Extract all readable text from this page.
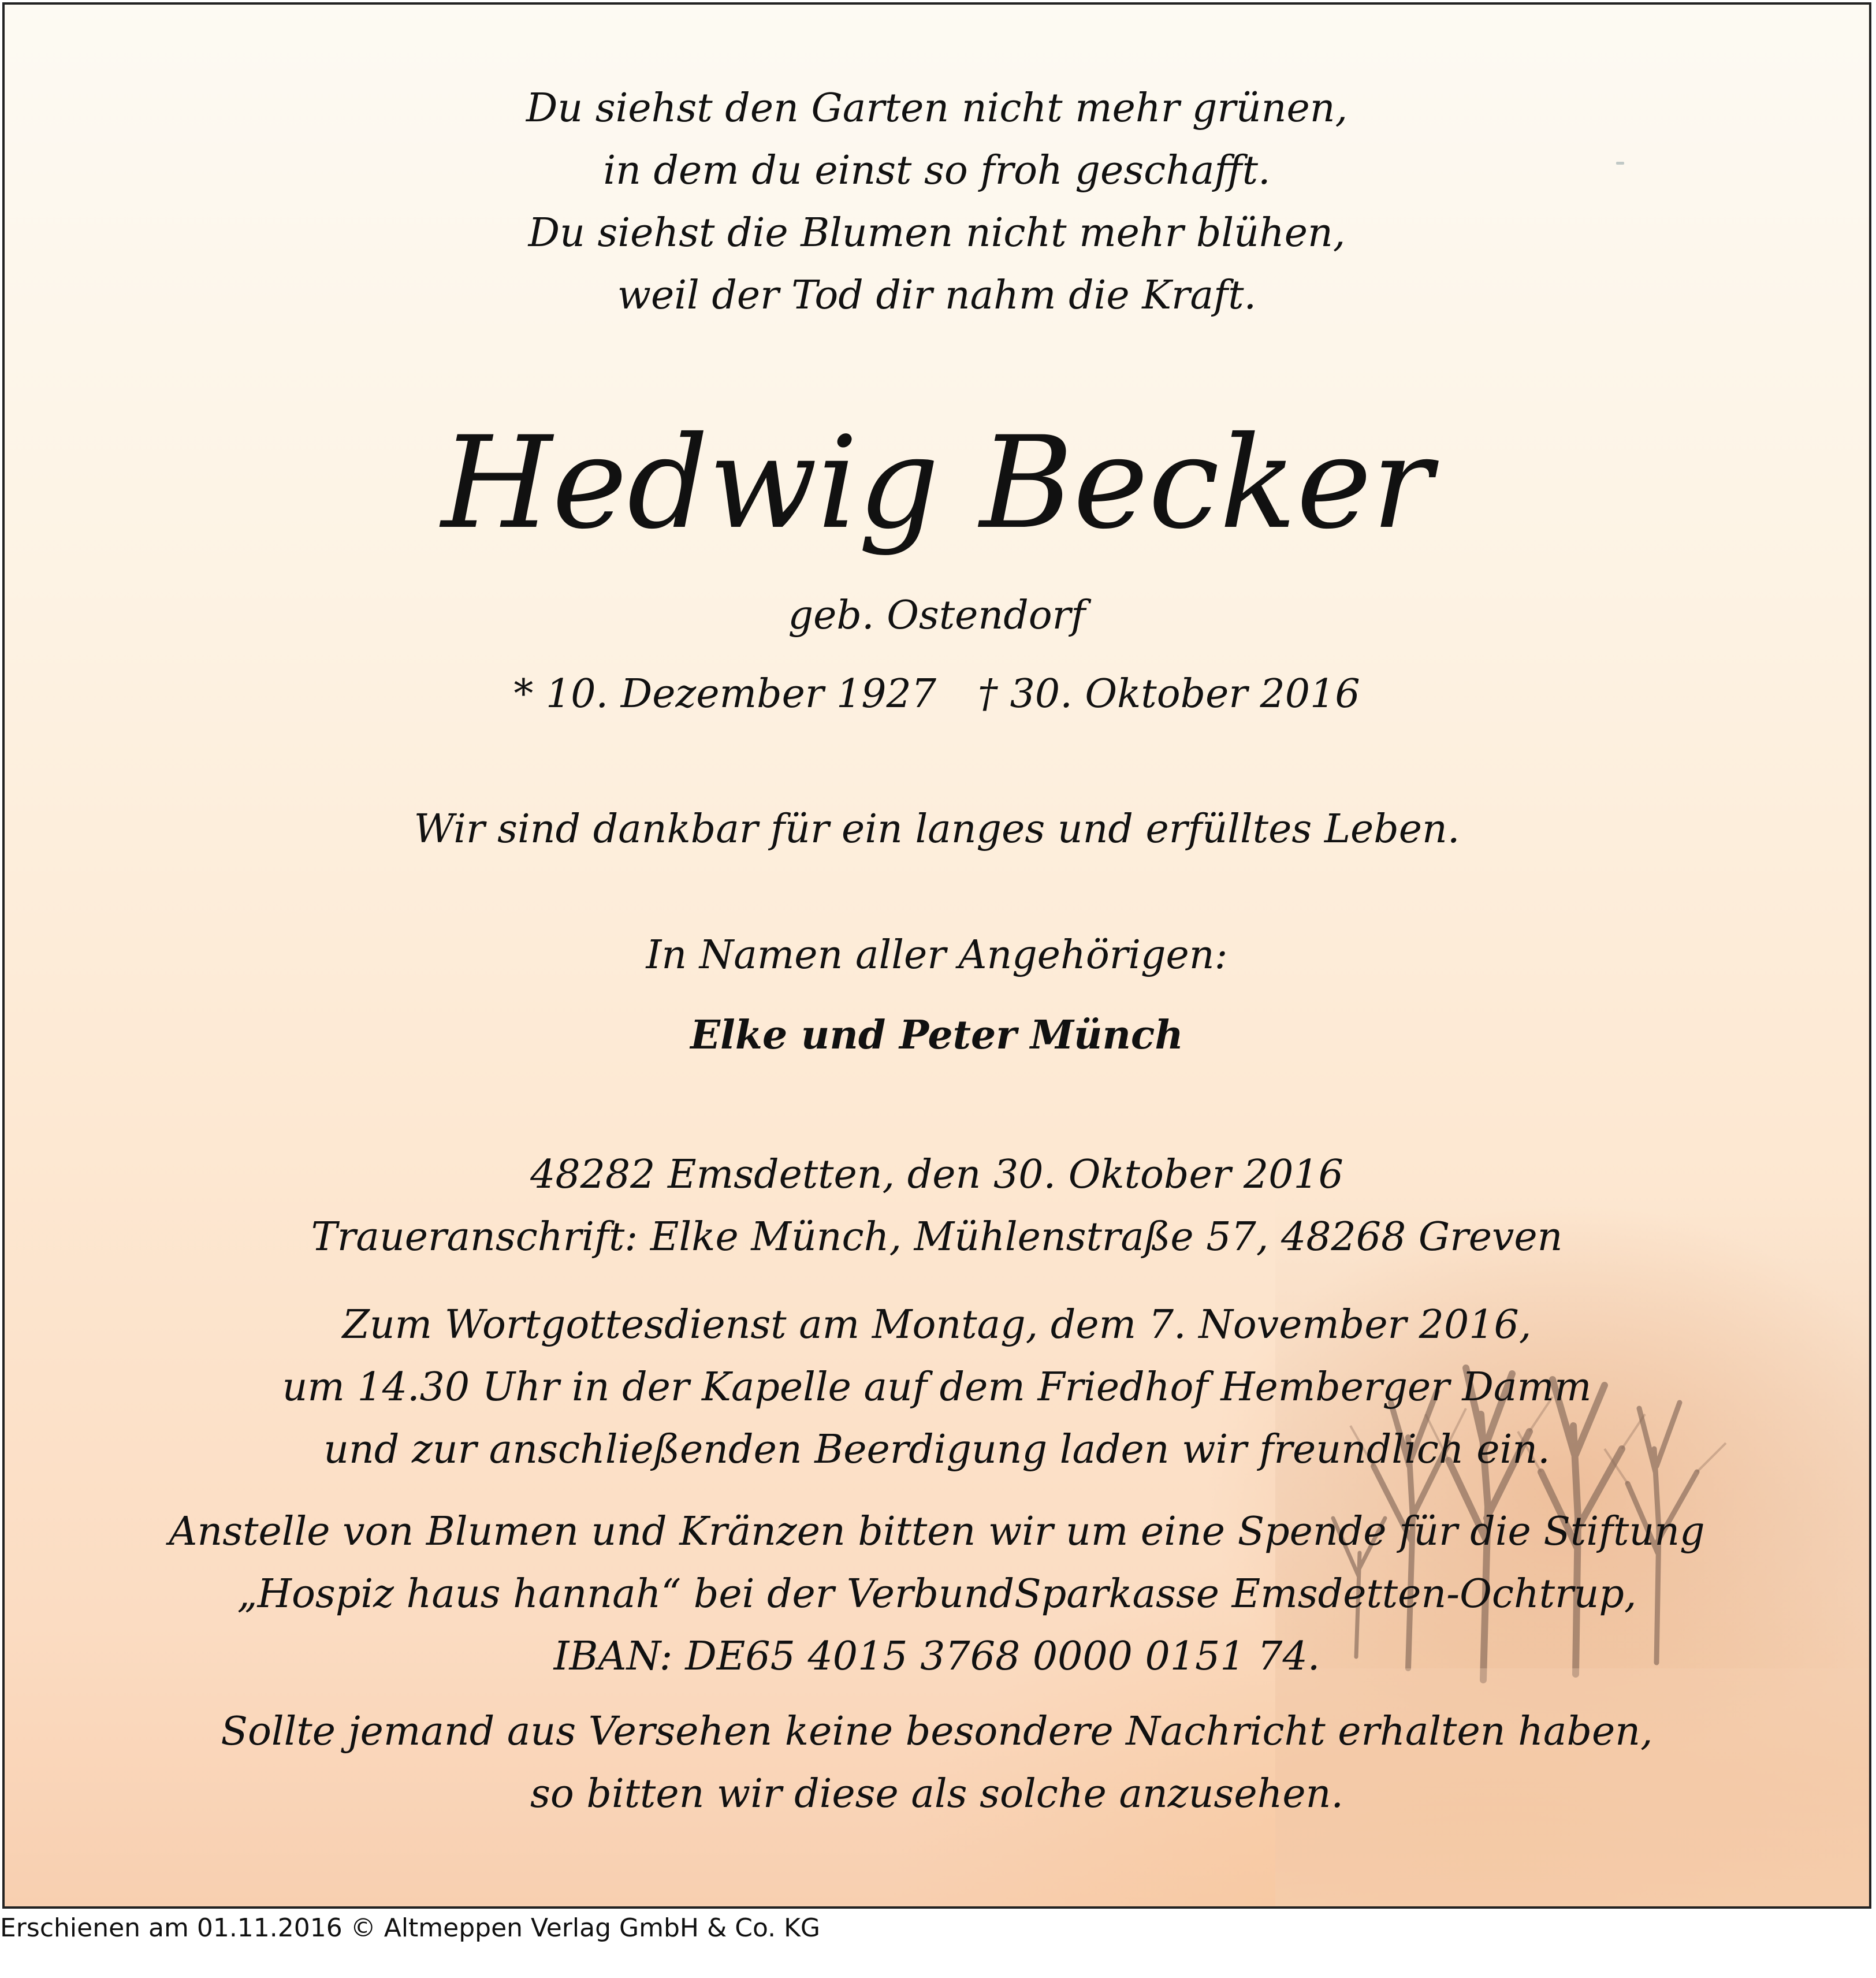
Du siehst den Garten nicht mehr grünen,
in dem du einst so froh geschafft.
Du siehst die Blumen nicht mehr blühen,
weil der Tod dir nahm die Kraft.
Hedwig Becker
geb. Ostendorf
* 10. Dezember 1927 † 30. Oktober 2016
Wir sind dankbar für ein langes und erfülltes Leben.
In Namen aller Angehörigen:
Elke und Peter Münch
48282 Emsdetten, den 30. Oktober 2016
Traueranschrift: Elke Münch, Mühlenstraße 57, 48268 Greven
Zum Wortgottesdienst am Montag, dem 7. November 2016,
um 14.30 Uhr in der Kapelle auf dem Friedhof Hemberger Damm
und zur anschließenden Beerdigung laden wir freundlich ein.
Anstelle von Blumen und Kränzen bitten wir um eine Spende für die Stiftung
„Hospiz haus hannah“ bei der VerbundSparkasse Emsdetten-Ochtrup,
IBAN: DE65 4015 3768 0000 0151 74.
Sollte jemand aus Versehen keine besondere Nachricht erhalten haben,
so bitten wir diese als solche anzusehen.
Erschienen am 01.11.2016 © Altmeppen Verlag GmbH & Co. KG
